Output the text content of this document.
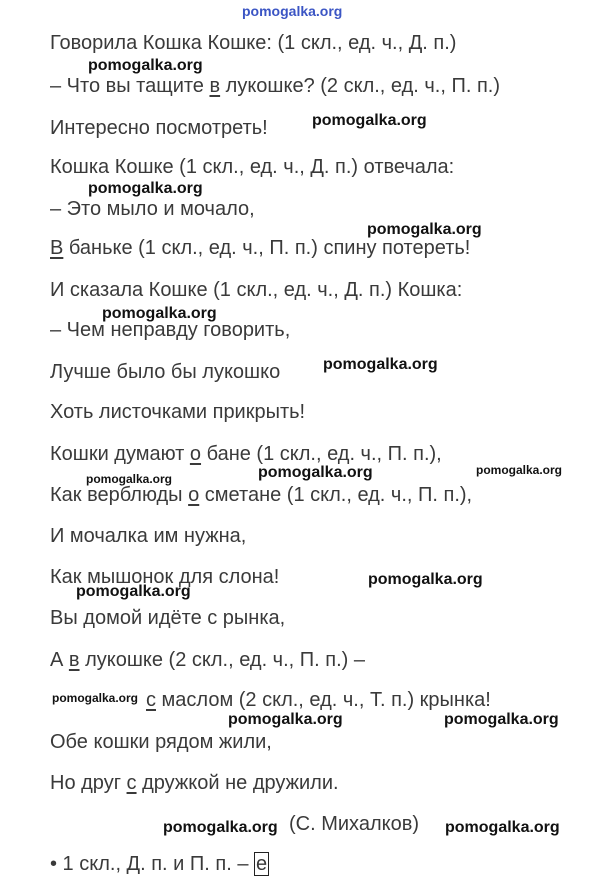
pomogalka.org
Говорила Кошка Кошке: (1 скл., ед. ч., Д. п.)
pomogalka.org
– Что вы тащите в лукошке? (2 скл., ед. ч., П. п.)
Интересно посмотреть!	pomogalka.org
Кошка Кошке (1 скл., ед. ч., Д. п.) отвечала:
pomogalka.org
– Это мыло и мочало,
pomogalka.org
В баньке (1 скл., ед. ч., П. п.) спину потереть!
И сказала Кошке (1 скл., ед. ч., Д. п.) Кошка:
pomogalka.org
– Чем неправду говорить,
Лучше было бы лукошко	pomogalka.org
Хоть листочками прикрыть!
Кошки думают о бане (1 скл., ед. ч., П. п.),
pomogalka.org	pomogalka.org	pomogalka.org
Как верблюды о сметане (1 скл., ед. ч., П. п.),
И мочалка им нужна,
Как мышонок для слона!	pomogalka.org
pomogalka.org
Вы домой идёте с рынка,
А в лукошке (2 скл., ед. ч., П. п.) –
pomogalka.org с маслом (2 скл., ед. ч., Т. п.) крынка!
pomogalka.org	pomogalka.org
Обе кошки рядом жили,
Но друг с дружкой не дружили.
pomogalka.org (С. Михалков) pomogalka.org
• 1 скл., Д. п. и П. п. – е
